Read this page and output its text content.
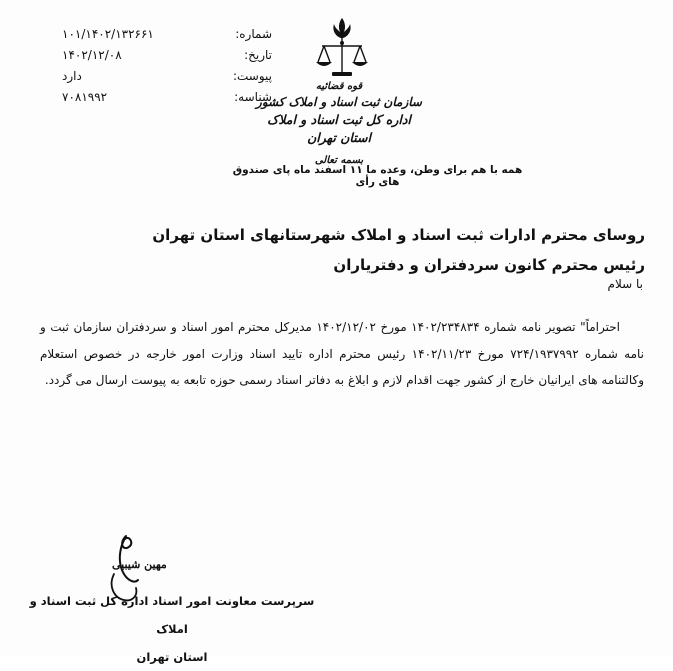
شماره:
۱۰۱/۱۴۰۲/۱۳۲۶۶۱
تاریخ:
۱۴۰۲/۱۲/۰۸
پیوست:
دارد
شناسه:
۷۰۸۱۹۹۲
قوه قضائیه
سازمان ثبت اسناد و املاک کشور
اداره کل ثبت اسناد و املاک استان تهران
بسمه تعالی
همه با هم برای وطن، وعده ما ۱۱ اسفند ماه پای صندوق های رأی
روسای محترم ادارات ثبت اسناد و املاک شهرستانهای استان تهران
رئیس محترم کانون سردفتران و دفترياران
با سلام

احتراماً" تصویر نامه شماره ۱۴۰۲/۲۳۴۸۳۴ مورخ ۱۴۰۲/۱۲/۰۲ مدیرکل محترم امور اسناد و سردفتران سازمان ثبت و نامه شماره ۷۲۴/۱۹۳۷۹۹۲ مورخ ۱۴۰۲/۱۱/۲۳ رئیس محترم اداره تایید اسناد وزارت امور خارجه در خصوص استعلام وکالتنامه های ایرانیان خارج از کشور جهت اقدام لازم و ابلاغ به دفاتر اسناد رسمی حوزه تابعه به پیوست ارسال می گردد.

مهین شیبیی
سرپرست معاونت امور اسناد اداره کل ثبت اسناد و املاک
استان تهران
